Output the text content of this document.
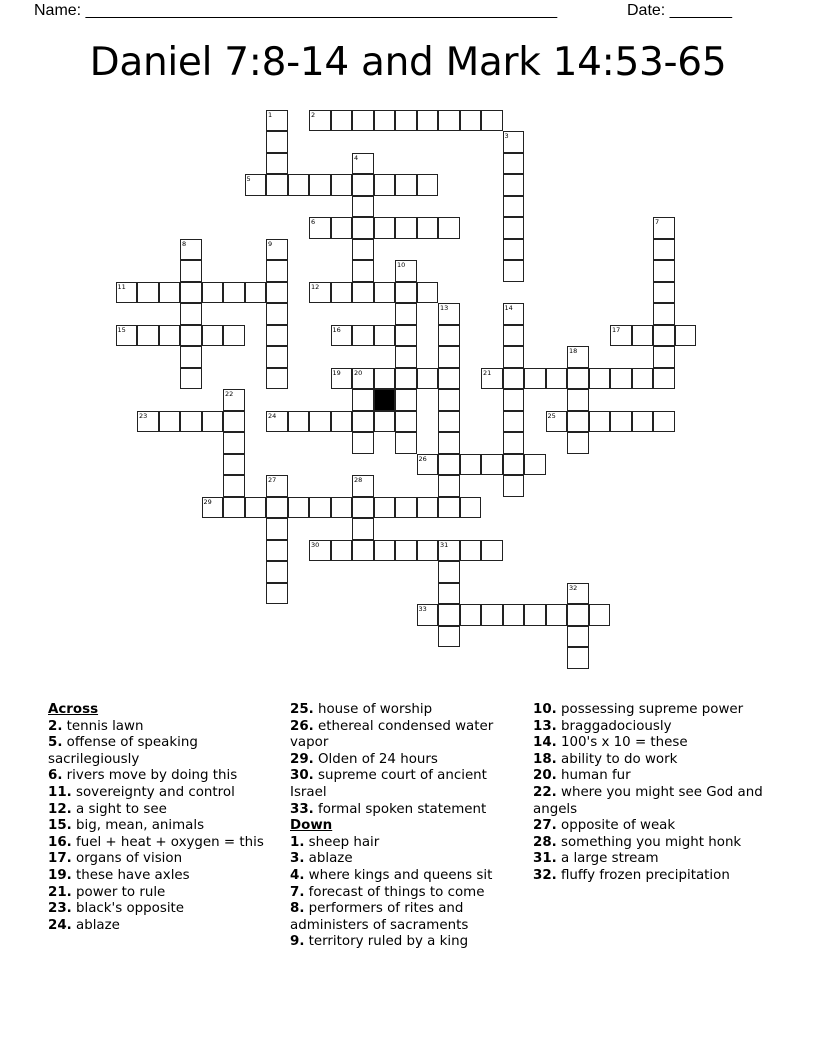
Name: _____________________________________________________	Date: _______
Daniel 7:8-14 and Mark 14:53-65
2
5
6
11	12
15	16	17
19 20	21
23	24	25
26
29
30	31
33
1
3
4
7
8	9
10
13	14
18
22
27	28
32
Across
2. tennis lawn
5. offense of speaking sacrilegiously
6. rivers move by doing this
11. sovereignty and control
12. a sight to see
15. big, mean, animals
16. fuel + heat + oxygen = this
17. organs of vision
19. these have axles
21. power to rule
23. black's opposite
24. ablaze
25. house of worship
26. ethereal condensed water vapor
29. Olden of 24 hours
30. supreme court of ancient Israel
33. formal spoken statement
Down
1. sheep hair
3. ablaze
4. where kings and queens sit
7. forecast of things to come
8. performers of rites and administers of sacraments
9. territory ruled by a king
10. possessing supreme power
13. braggadociously
14. 100's x 10 = these
18. ability to do work
20. human fur
22. where you might see God and angels
27. opposite of weak
28. something you might honk
31. a large stream
32. fluffy frozen precipitation
